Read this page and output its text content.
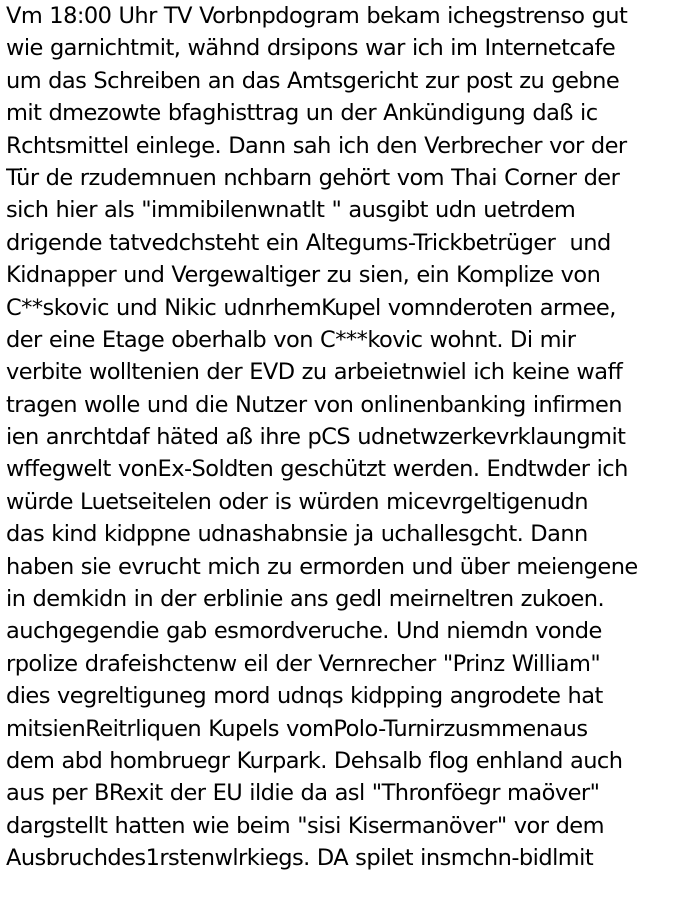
Vm 18:00 Uhr TV Vorbnpdogram bekam ichegstrenso gut
wie garnichtmit, wähnd drsipons war ich im Internetcafe
um das Schreiben an das Amtsgericht zur post zu gebne
mit dmezowte bfaghisttrag un der Ankündigung daß ic
Rchtsmittel einlege. Dann sah ich den Verbrecher vor der
Tür de rzudemnuen nchbarn gehört vom Thai Corner der
sich hier als "immibilenwnatlt " ausgibt udn uetrdem
drigende tatvedchsteht ein Altegums-Trickbetrüger  und
Kidnapper und Vergewaltiger zu sien, ein Komplize von
C**skovic und Nikic udnrhemKupel vomnderoten armee,
der eine Etage oberhalb von C***kovic wohnt. Di mir
verbite wolltenien der EVD zu arbeietnwiel ich keine waff
tragen wolle und die Nutzer von onlinenbanking infirmen
ien anrchtdaf häted aß ihre pCS udnetwzerkevrklaungmit
wffegwelt vonEx-Soldten geschützt werden. Endtwder ich
würde Luetseitelen oder is würden micevrgeltigenudn
das kind kidppne udnashabnsie ja uchallesgcht. Dann
haben sie evrucht mich zu ermorden und über meiengene
in demkidn in der erblinie ans gedl meirneltren zukoen.
auchgegendie gab esmordveruche. Und niemdn vonde
rpolize drafeishctenw eil der Vernrecher "Prinz William"
dies vegreltiguneg mord udnqs kidpping angrodete hat
mitsienReitrliquen Kupels vomPolo-Turnirzusmmenaus
dem abd hombruegr Kurpark. Dehsalb flog enhland auch
aus per BRexit der EU ildie da asl "Thronföegr maöver"
dargstellt hatten wie beim "sisi Kisermanöver" vor dem
Ausbruchdes1rstenwlrkiegs. DA spilet insmchn-bidlmit
